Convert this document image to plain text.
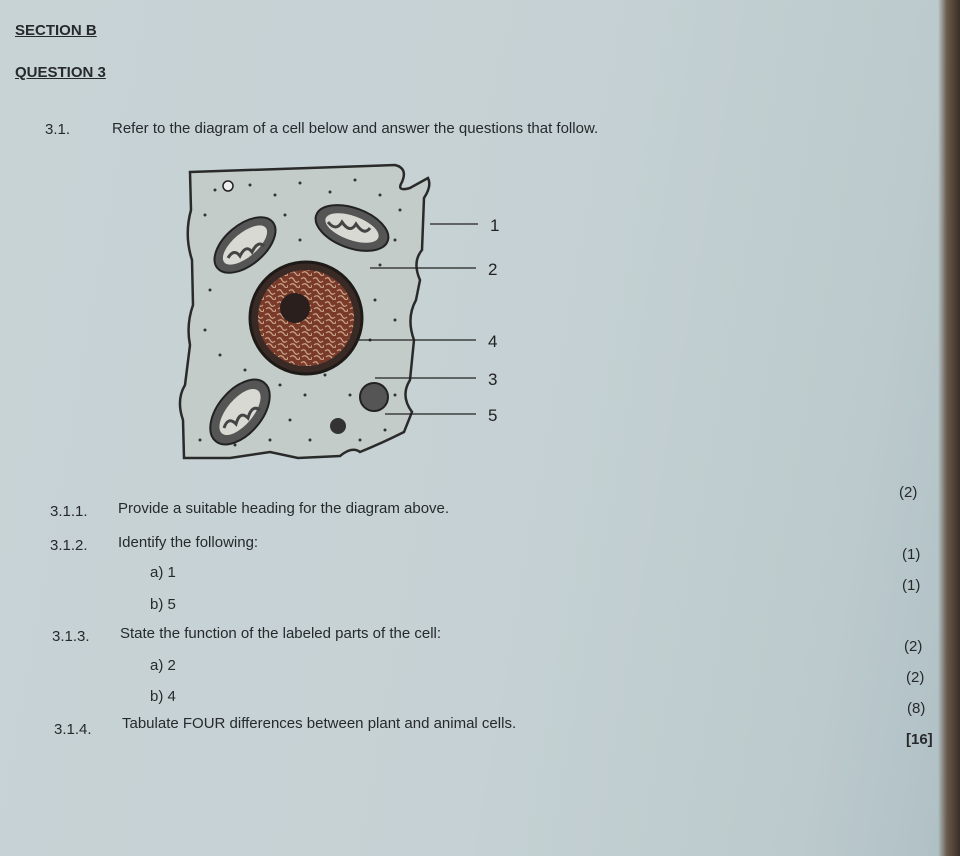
SECTION B
QUESTION 3
3.1.	Refer to the diagram of a cell below and answer the questions that follow.
1
2
4
3
5
3.1.1. Provide a suitable heading for the diagram above.
(2)
3.1.2. Identify the following:
a) 1
(1)
b) 5
(1)
3.1.3. State the function of the labeled parts of the cell:
a) 2
(2)
b) 4
(2)
3.1.4. Tabulate FOUR differences between plant and animal cells.
(8)
[16]
